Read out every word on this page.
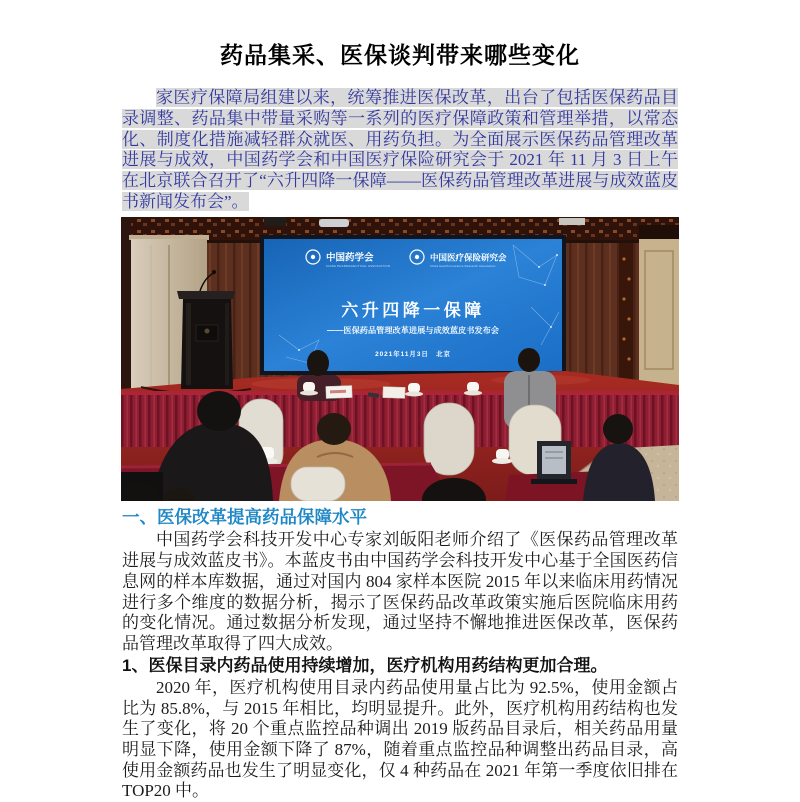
药品集采、医保谈判带来哪些变化

家医疗保障局组建以来，统筹推进医保改革，出台了包括医保药品目录调整、药品集中带量采购等一系列的医疗保障政策和管理举措，以常态化、制度化措施减轻群众就医、用药负担。为全面展示医保药品管理改革进展与成效，中国药学会和中国医疗保险研究会于 2021 年 11 月 3 日上午在北京联合召开了“六升四降一保障——医保药品管理改革进展与成效蓝皮书新闻发布会”。

中国药学会
CHINA PHARMACEUTICAL ASSOCIATION
中国医疗保险研究会
China Health Insurance Research Association
六升四降一保障
——医保药品管理改革进展与成效蓝皮书发布会
2021年11月3日　北京
一、医保改革提高药品保障水平

中国药学会科技开发中心专家刘皈阳老师介绍了《医保药品管理改革进展与成效蓝皮书》。本蓝皮书由中国药学会科技开发中心基于全国医药信息网的样本库数据，通过对国内 804 家样本医院 2015 年以来临床用药情况进行多个维度的数据分析，揭示了医保药品改革政策实施后医院临床用药的变化情况。通过数据分析发现，通过坚持不懈地推进医保改革，医保药品管理改革取得了四大成效。

1、医保目录内药品使用持续增加，医疗机构用药结构更加合理。

2020 年，医疗机构使用目录内药品使用量占比为 92.5%，使用金额占比为 85.8%，与 2015 年相比，均明显提升。此外，医疗机构用药结构也发生了变化，将 20 个重点监控品种调出 2019 版药品目录后，相关药品用量明显下降，使用金额下降了 87%，随着重点监控品种调整出药品目录，高使用金额药品也发生了明显变化，仅 4 种药品在 2021 年第一季度依旧排在 TOP20 中。
